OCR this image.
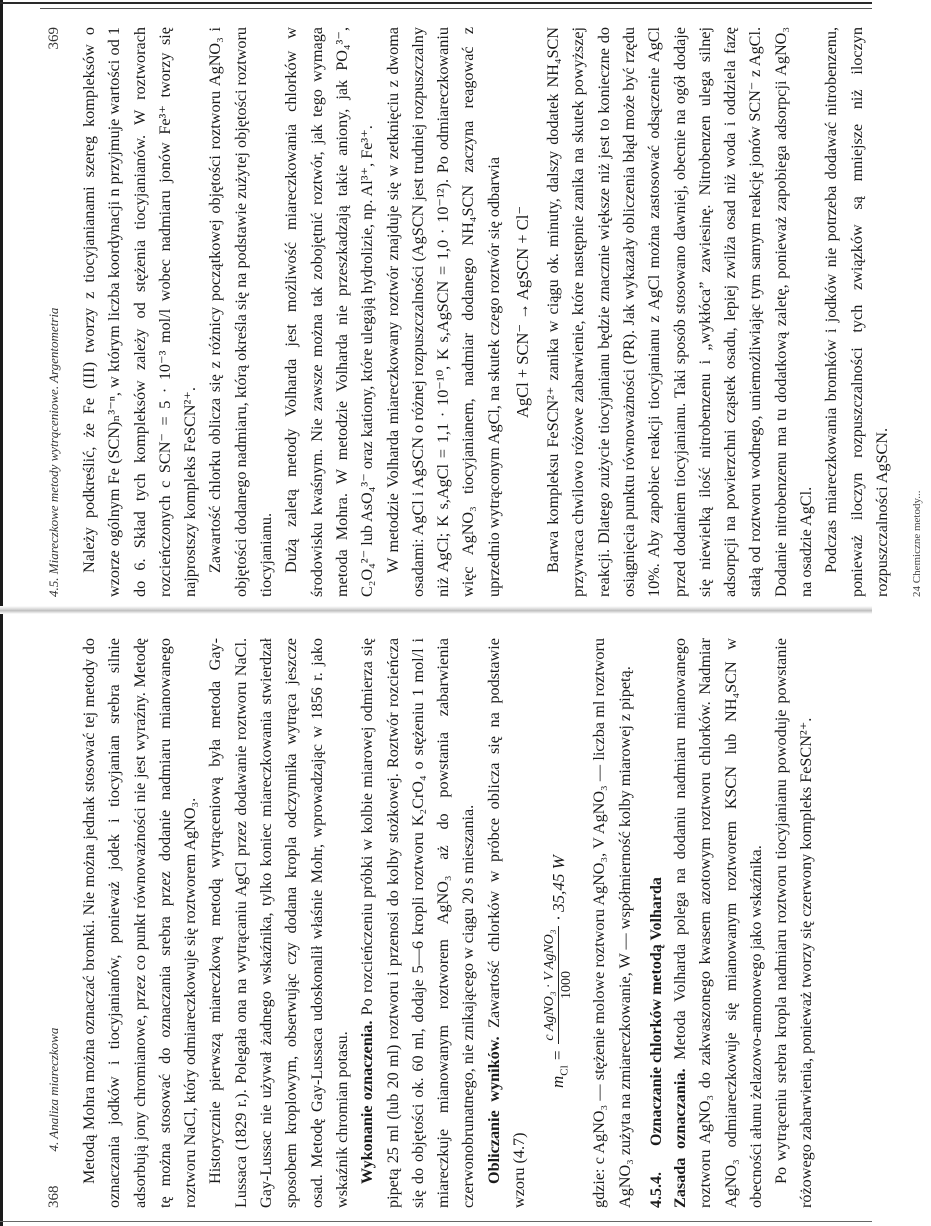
368
4. Analiza miareczkowa Metodą Mohra można oznaczać bromki. Nie można jednak stosować tej metody do oznaczania jodków i tiocyjanianów, ponieważ jodek i tiocyjanian srebra silnie adsorbują jony chromianowe, przez co punkt równoważności nie jest wyraźny. Metodę tę można stosować do oznaczania srebra przez dodanie nadmiaru mianowanego roztworu NaCl, który odmiareczkowuje się roztworem AgNO₃. Historycznie pierwszą miareczkową metodą wytrąceniową była metoda Gay-Lussaca (1829 r.). Polegała ona na wytrącaniu AgCl przez dodawanie roztworu NaCl. Gay-Lussac nie używał żadnego wskaźnika, tylko koniec miareczkowania stwierdzał sposobem kroplowym, obserwując czy dodana kropla odczynnika wytrąca jeszcze osad. Metodę Gay-Lussaca udoskonalił właśnie Mohr, wprowadzając w 1856 r. jako wskaźnik chromian potasu. Wykonanie oznaczenia. Po rozcieńczeniu próbki w kolbie miarowej odmierza się pipetą 25 ml (lub 20 ml) roztworu i przenosi do kolby stożkowej. Roztwór rozcieńcza się do objętości ok. 60 ml, dodaje 5—6 kropli roztworu K₂CrO₄ o stężeniu 1 mol/l i miareczkuje mianowanym roztworem AgNO₃ aż do powstania zabarwienia czerwonobrunatnego, nie znikającego w ciągu 20 s mieszania. Obliczanie wyników. Zawartość chlorków w próbce oblicza się na podstawie wzoru (4.7)

$m_{Cl}$ =
c AgNO₃ · V AgNO₃ 1000
· 35,45 W gdzie: c AgNO₃ — stężenie molowe roztworu AgNO₃, V AgNO₃ — liczba ml roztworu AgNO₃ zużyta na zmiareczkowanie, W — współmierność kolby miarowej z pipetą. 4.5.4.Oznaczanie chlorków metodą Volharda Zasada oznaczania. Metoda Volharda polega na dodaniu nadmiaru mianowanego roztworu AgNO₃ do zakwaszonego kwasem azotowym roztworu chlorków. Nadmiar AgNO₃ odmiareczkowuje się mianowanym roztworem KSCN lub NH₄SCN w obecności ałunu żelazowo-amonowego jako wskaźnika. Po wytrąceniu srebra kropla nadmiaru roztworu tiocyjanianu powoduje powstanie różowego zabarwienia, ponieważ tworzy się czerwony kompleks FeSCN²⁺.

4.5. Miareczkowe metody wytrąceniowe. Argentometria
369 Należy podkreślić, że Fe (III) tworzy z tiocyjanianami szereg kompleksów o wzorze ogólnym Fe (SCN)ₙ³⁻ⁿ, w którym liczba koordynacji n przyjmuje wartości od 1 do 6. Skład tych kompleksów zależy od stężenia tiocyjanianów. W roztworach rozcieńczonych c SCN⁻ = 5 · 10⁻³ mol/l wobec nadmiaru jonów Fe³⁺ tworzy się najprostszy kompleks FeSCN²⁺. Zawartość chlorku oblicza się z różnicy początkowej objętości roztworu AgNO₃ i objętości dodanego nadmiaru, którą określa się na podstawie zużytej objętości roztworu tiocyjanianu. Dużą zaletą metody Volharda jest możliwość miareczkowania chlorków w środowisku kwaśnym. Nie zawsze można tak zobojętnić roztwór, jak tego wymaga metoda Mohra. W metodzie Volharda nie przeszkadzają takie aniony, jak PO₄³⁻, C₂O₄²⁻ lub AsO₄³⁻ oraz kationy, które ulegają hydrolizie, np. Al³⁺, Fe³⁺. W metodzie Volharda miareczkowany roztwór znajduje się w zetknięciu z dwoma osadami: AgCl i AgSCN o różnej rozpuszczalności (AgSCN jest trudniej rozpuszczalny niż AgCl; K s,AgCl = 1,1 · 10⁻¹⁰, K s,AgSCN = 1,0 · 10⁻¹²). Po odmiareczkowaniu więc AgNO₃ tiocyjanianem, nadmiar dodanego NH₄SCN zaczyna reagować z uprzednio wytrąconym AgCl, na skutek czego roztwór się odbarwia AgCl + SCN⁻ → AgSCN + Cl⁻ Barwa kompleksu FeSCN²⁺ zanika w ciągu ok. minuty, dalszy dodatek NH₄SCN przywraca chwilowo różowe zabarwienie, które następnie zanika na skutek powyższej reakcji. Dlatego zużycie tiocyjanianu będzie znacznie większe niż jest to konieczne do osiągnięcia punktu równoważności (PR). Jak wykazały obliczenia błąd może być rzędu 10%. Aby zapobiec reakcji tiocyjanianu z AgCl można zastosować odsączenie AgCl przed dodaniem tiocyjanianu. Taki sposób stosowano dawniej, obecnie na ogół dodaje się niewielką ilość nitrobenzenu i „wykłóca” zawiesinę. Nitrobenzen ulega silnej adsorpcji na powierzchni cząstek osadu, lepiej zwilża osad niż woda i oddziela fazę stałą od roztworu wodnego, uniemożliwiając tym samym reakcję jonów SCN⁻ z AgCl. Dodanie nitrobenzenu ma tu dodatkową zaletę, ponieważ zapobiega adsorpcji AgNO₃ na osadzie AgCl. Podczas miareczkowania bromków i jodków nie potrzeba dodawać nitrobenzenu, ponieważ iloczyn rozpuszczalności tych związków są mniejsze niż iloczyn rozpuszczalności AgSCN.	24 Chemiczne metody...
